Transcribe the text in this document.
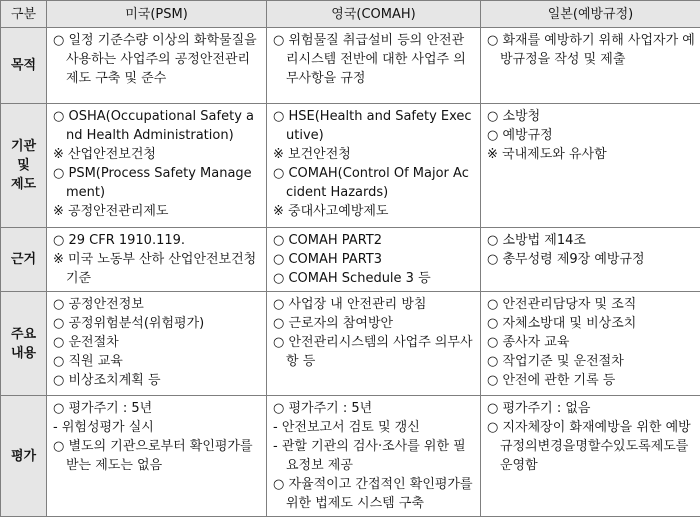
구분	미국(PSM)	영국(COMAH)	일본(예방규정)
목적	○ 일정 기준수량 이상의 화학물질을 사용하는 사업주의 공정안전관리제도 구축 및 준수	○ 위험물질 취급설비 등의 안전관리시스템 전반에 대한 사업주 의무사항을 규정	○ 화재를 예방하기 위해 사업자가 예방규정을 작성 및 제출

기관 및 제도	○ OSHA(Occupational Safety and Health Administration)
※ 산업안전보건청
○ PSM(Process Safety Management)
※ 공정안전관리제도	○ HSE(Health and Safety Executive)
※ 보건안전청
○ COMAH(Control Of Major Accident Hazards)
※ 중대사고예방제도	○ 소방청
○ 예방규정
※ 국내제도와 유사함

근거	○ 29 CFR 1910.119.
※ 미국 노동부 산하 산업안전보건청 기준	○ COMAH PART2
○ COMAH PART3
○ COMAH Schedule 3 등	○ 소방법 제14조
○ 총무성령 제9장 예방규정

주요 내용	○ 공정안전정보
○ 공정위험분석(위험평가)
○ 운전절차
○ 직원 교육
○ 비상조치계획 등	○ 사업장 내 안전관리 방침
○ 근로자의 참여방안
○ 안전관리시스템의 사업주 의무사항 등	○ 안전관리담당자 및 조직
○ 자체소방대 및 비상조치
○ 종사자 교육
○ 작업기준 및 운전절차
○ 안전에 관한 기록 등

평가	○ 평가주기 : 5년
- 위험성평가 실시
○ 별도의 기관으로부터 확인평가를 받는 제도는 없음	○ 평가주기 : 5년
- 안전보고서 검토 및 갱신
- 관할 기관의 검사·조사를 위한 필요정보 제공
○ 자율적이고 간접적인 확인평가를 위한 법제도 시스템 구축	○ 평가주기 : 없음
○ 지자체장이 화재예방을 위한 예방규정의변경을명할수있도록제도를 운영함
